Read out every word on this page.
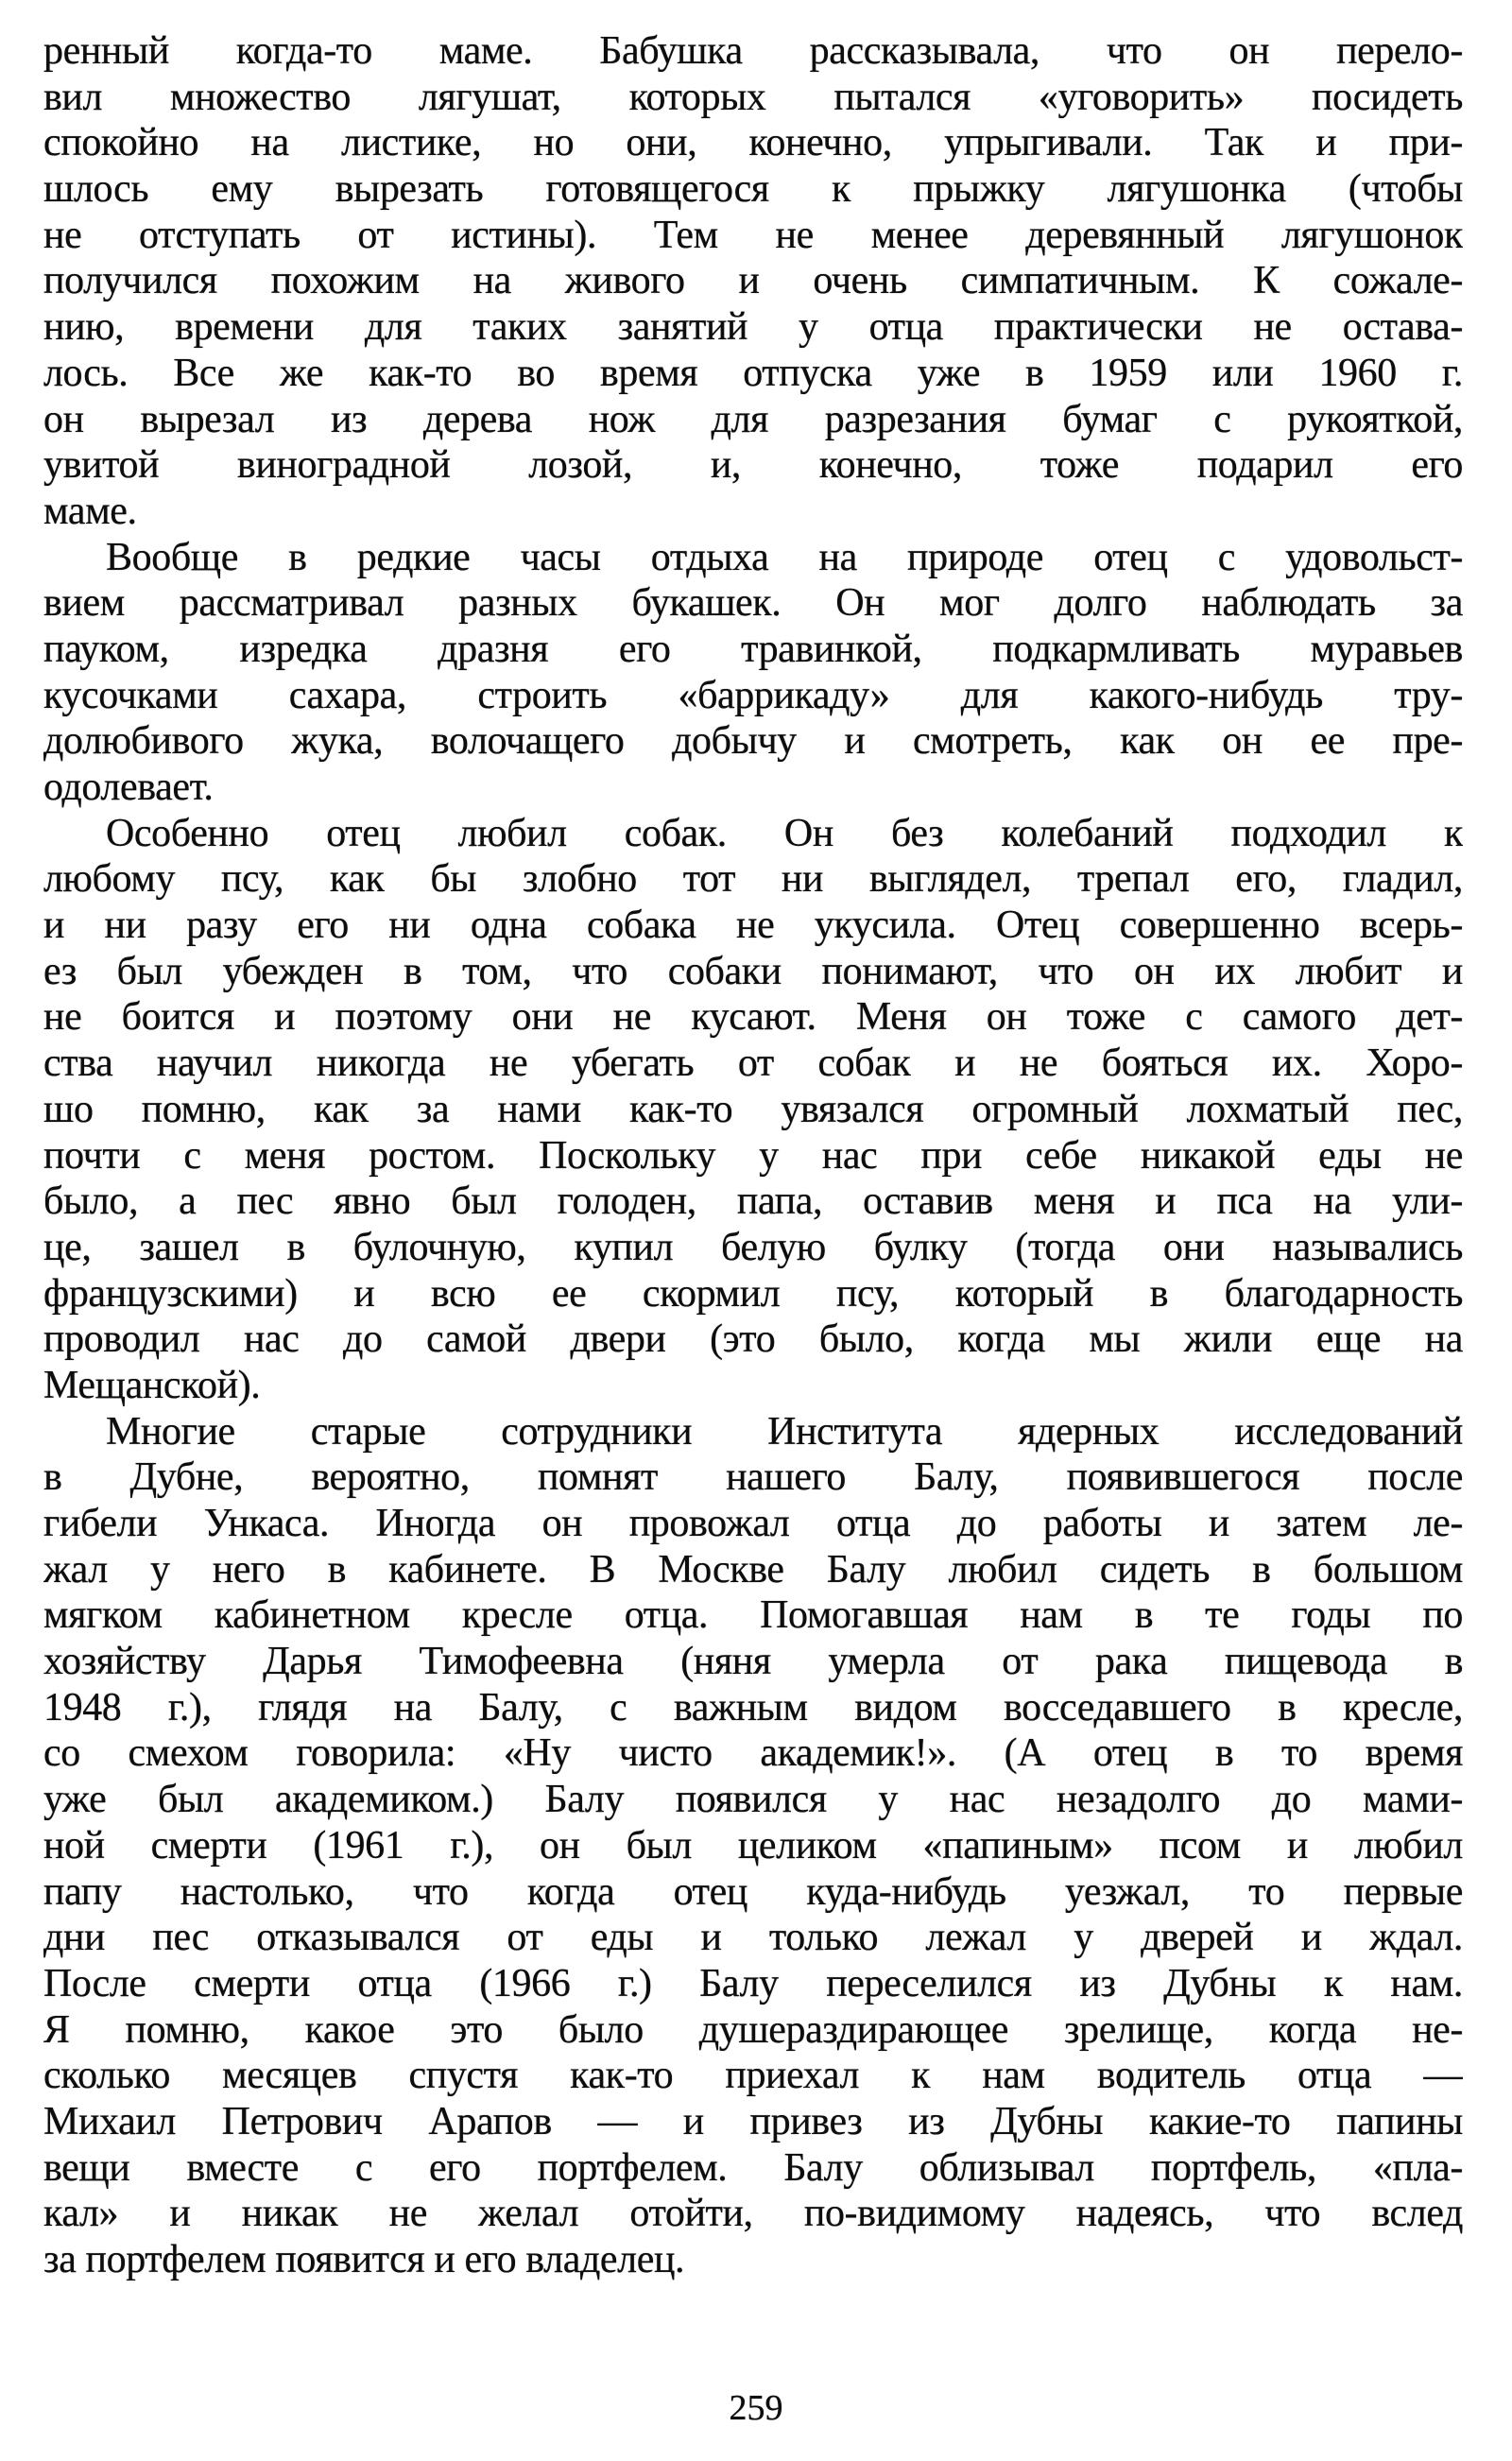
ренный когда-то маме. Бабушка рассказывала, что он перело-
вил множество лягушат, которых пытался «уговорить» посидеть
спокойно на листике, но они, конечно, упрыгивали. Так и при-
шлось ему вырезать готовящегося к прыжку лягушонка (чтобы
не отступать от истины). Тем не менее деревянный лягушонок
получился похожим на живого и очень симпатичным. К сожале-
нию, времени для таких занятий у отца практически не остава-
лось. Все же как-то во время отпуска уже в 1959 или 1960 г.
он вырезал из дерева нож для разрезания бумаг с рукояткой,
увитой виноградной лозой, и, конечно, тоже подарил его
маме.
Вообще в редкие часы отдыха на природе отец с удовольст-
вием рассматривал разных букашек. Он мог долго наблюдать за
пауком, изредка дразня его травинкой, подкармливать муравьев
кусочками сахара, строить «баррикаду» для какого-нибудь тру-
долюбивого жука, волочащего добычу и смотреть, как он ее пре-
одолевает.
Особенно отец любил собак. Он без колебаний подходил к
любому псу, как бы злобно тот ни выглядел, трепал его, гладил,
и ни разу его ни одна собака не укусила. Отец совершенно всерь-
ез был убежден в том, что собаки понимают, что он их любит и
не боится и поэтому они не кусают. Меня он тоже с самого дет-
ства научил никогда не убегать от собак и не бояться их. Хоро-
шо помню, как за нами как-то увязался огромный лохматый пес,
почти с меня ростом. Поскольку у нас при себе никакой еды не
было, а пес явно был голоден, папа, оставив меня и пса на ули-
це, зашел в булочную, купил белую булку (тогда они назывались
французскими) и всю ее скормил псу, который в благодарность
проводил нас до самой двери (это было, когда мы жили еще на
Мещанской).
Многие старые сотрудники Института ядерных исследований
в Дубне, вероятно, помнят нашего Балу, появившегося после
гибели Ункаса. Иногда он провожал отца до работы и затем ле-
жал у него в кабинете. В Москве Балу любил сидеть в большом
мягком кабинетном кресле отца. Помогавшая нам в те годы по
хозяйству Дарья Тимофеевна (няня умерла от рака пищевода в
1948 г.), глядя на Балу, с важным видом восседавшего в кресле,
со смехом говорила: «Ну чисто академик!». (А отец в то время
уже был академиком.) Балу появился у нас незадолго до мами-
ной смерти (1961 г.), он был целиком «папиным» псом и любил
папу настолько, что когда отец куда-нибудь уезжал, то первые
дни пес отказывался от еды и только лежал у дверей и ждал.
После смерти отца (1966 г.) Балу переселился из Дубны к нам.
Я помню, какое это было душераздирающее зрелище, когда не-
сколько месяцев спустя как-то приехал к нам водитель отца —
Михаил Петрович Арапов — и привез из Дубны какие-то папины
вещи вместе с его портфелем. Балу облизывал портфель, «пла-
кал» и никак не желал отойти, по-видимому надеясь, что вслед
за портфелем появится и его владелец.
259
